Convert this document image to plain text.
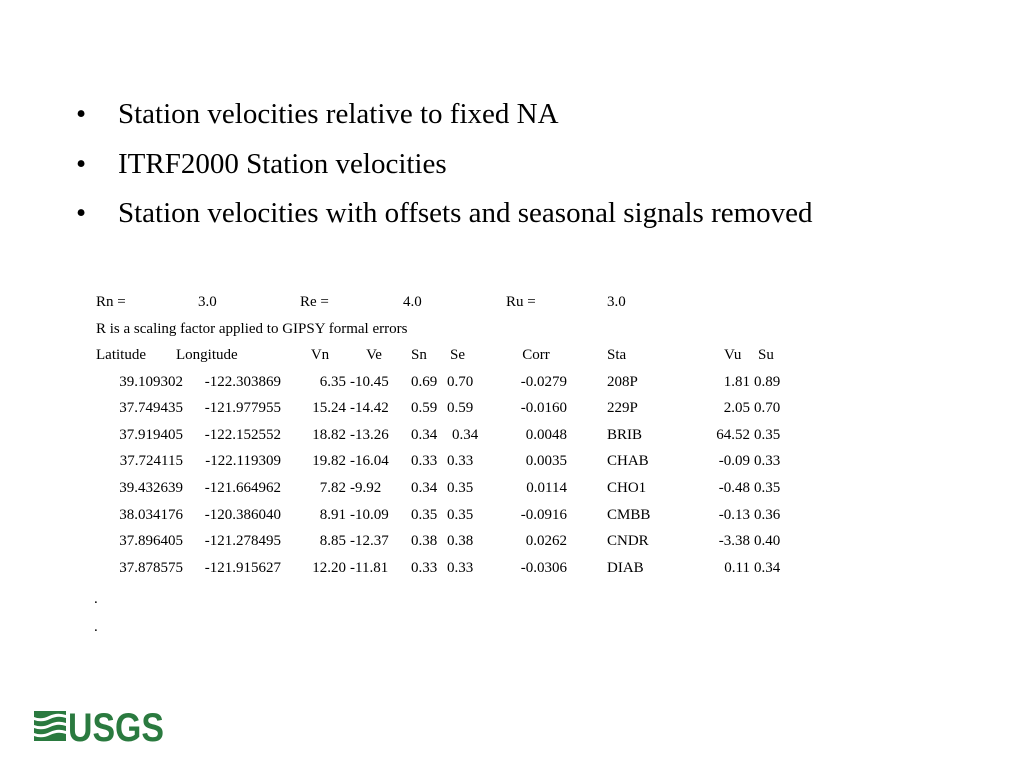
• Station velocities relative to fixed NA
• ITRF2000 Station velocities
• Station velocities with offsets and seasonal signals removed
Rn =	3.0	Re =	4.0	Ru =	3.0
R is a scaling factor applied to GIPSY formal errors
Latitude Longitude	Vn	Ve	Sn Se	Corr	Sta	Vu Su
39.109302	-122.303869	6.35 -10.45 0.69 0.70	-0.0279	208P	1.81 0.89
37.749435	-121.977955	15.24 -14.42 0.59 0.59	-0.0160	229P	2.05 0.70
37.919405	-122.152552	18.82 -13.26 0.34 0.34	0.0048	BRIB	64.52 0.35
37.724115	-122.119309	19.82 -16.04 0.33 0.33	0.0035	CHAB	-0.09 0.33
39.432639	-121.664962	7.82 -9.92 0.34 0.35	0.0114	CHO1	-0.48 0.35
38.034176	-120.386040	8.91 -10.09 0.35 0.35	-0.0916	CMBB	-0.13 0.36
37.896405	-121.278495	8.85 -12.37 0.38 0.38	0.0262	CNDR	-3.38 0.40
37.878575	-121.915627	12.20 -11.81 0.33 0.33	-0.0306	DIAB	0.11 0.34
.
.
USGS
